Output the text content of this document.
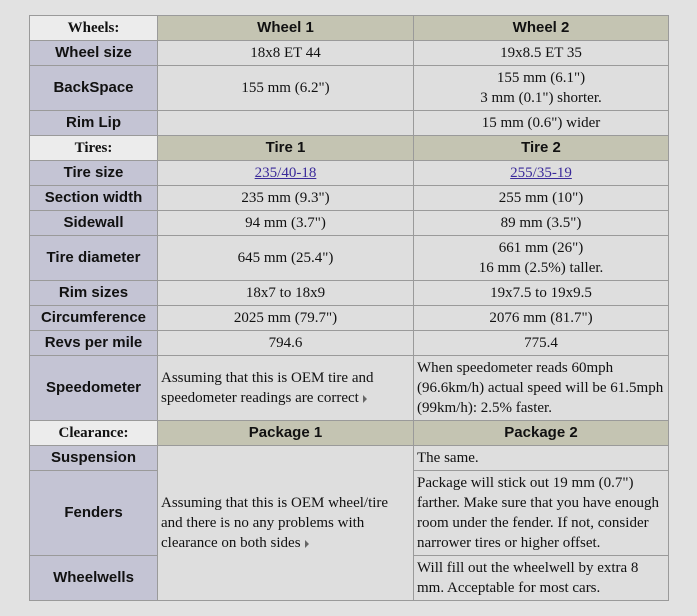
Wheels:	Wheel 1	Wheel 2
Wheel size	18x8 ET 44	19x8.5 ET 35
BackSpace	155 mm (6.2")	155 mm (6.1")
3 mm (0.1") shorter.

Rim Lip		15 mm (0.6") wider
Tires:	Tire 1	Tire 2
Tire size	235/40-18	255/35-19
Section width	235 mm (9.3")	255 mm (10")
Sidewall	94 mm (3.7")	89 mm (3.5")
Tire diameter	645 mm (25.4")	661 mm (26")
16 mm (2.5%) taller.

Rim sizes	18x7 to 18x9	19x7.5 to 19x9.5
Circumference	2025 mm (79.7")	2076 mm (81.7")
Revs per mile	794.6	775.4
Speedometer	Assuming that this is OEM tire and speedometer readings are correct	When speedometer reads 60mph (96.6km/h) actual speed will be 61.5mph (99km/h): 2.5% faster.
Clearance:	Package 1	Package 2
Suspension	Assuming that this is OEM wheel/tire and there is no any problems with clearance on both sides	The same.
Fenders		Package will stick out 19 mm (0.7") farther. Make sure that you have enough room under the fender. If not, consider narrower tires or higher offset.
Wheelwells		Will fill out the wheelwell by extra 8 mm. Acceptable for most cars.
